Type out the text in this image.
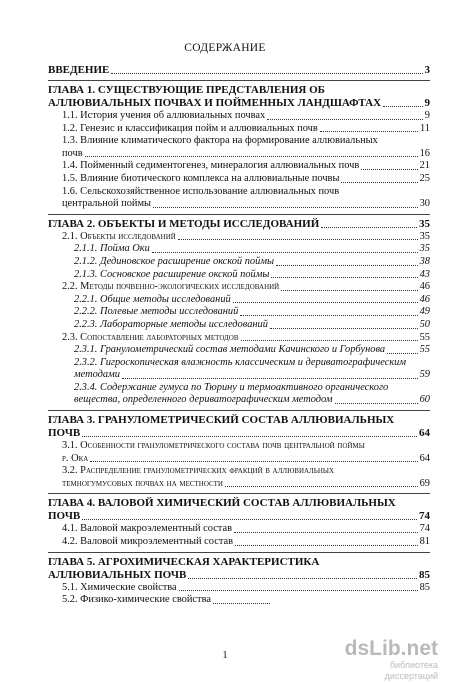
СОДЕРЖАНИЕ
ВВЕДЕНИЕ	3
ГЛАВА 1. СУЩЕСТВУЮЩИЕ ПРЕДСТАВЛЕНИЯ ОБ
АЛЛЮВИАЛЬНЫХ ПОЧВАХ И ПОЙМЕННЫХ ЛАНДШАФТАХ	9
1.1. История учения об аллювиальных почвах	9
1.2. Генезис и классификация пойм и аллювиальных почв	11
1.3. Влияние климатического фактора на формирование аллювиальных
почв	16
1.4. Пойменный седиментогенез, минералогия аллювиальных почв	21
1.5. Влияние биотического комплекса на аллювиальные почвы	25
1.6. Сельскохозяйственное использование аллювиальных почв
центральной поймы	30
ГЛАВА 2. ОБЪЕКТЫ И МЕТОДЫ ИССЛЕДОВАНИЙ	35
2.1. Объекты исследований	35
2.1.1. Пойма Оки	35
2.1.2. Дединовское расширение окской поймы	38
2.1.3. Сосновское расширение окской поймы	43
2.2. Методы почвенно-экологических исследований	46
2.2.1. Общие методы исследований	46
2.2.2. Полевые методы исследований	49
2.2.3. Лабораторные методы исследований	50
2.3. Сопоставление лабораторных методов	55
2.3.1. Гранулометрический состав методами Качинского и Горбунова	55
2.3.2. Гигроскопическая влажность классическим и дериватографическим
методами	59
2.3.4. Содержание гумуса по Тюрину и термоактивного органического
вещества, определенного дериватографическим методом	60
ГЛАВА 3. ГРАНУЛОМЕТРИЧЕСКИЙ СОСТАВ АЛЛЮВИАЛЬНЫХ
ПОЧВ	64
3.1. Особенности гранулометрического состава почв центральной поймы
р. Ока	64
3.2. Распределение гранулометрических фракций в аллювиальных
темногумусовых почвах на местности	69
ГЛАВА 4. ВАЛОВОЙ ХИМИЧЕСКИЙ СОСТАВ АЛЛЮВИАЛЬНЫХ
ПОЧВ	74
4.1. Валовой макроэлементный состав	74
4.2. Валовой микроэлементный состав	81
ГЛАВА 5. АГРОХИМИЧЕСКАЯ ХАРАКТЕРИСТИКА
АЛЛЮВИАЛЬНЫХ ПОЧВ	85
5.1. Химические свойства	85
5.2. Физико-химические свойства
1	dsLib.net
библиотека диссертаций
